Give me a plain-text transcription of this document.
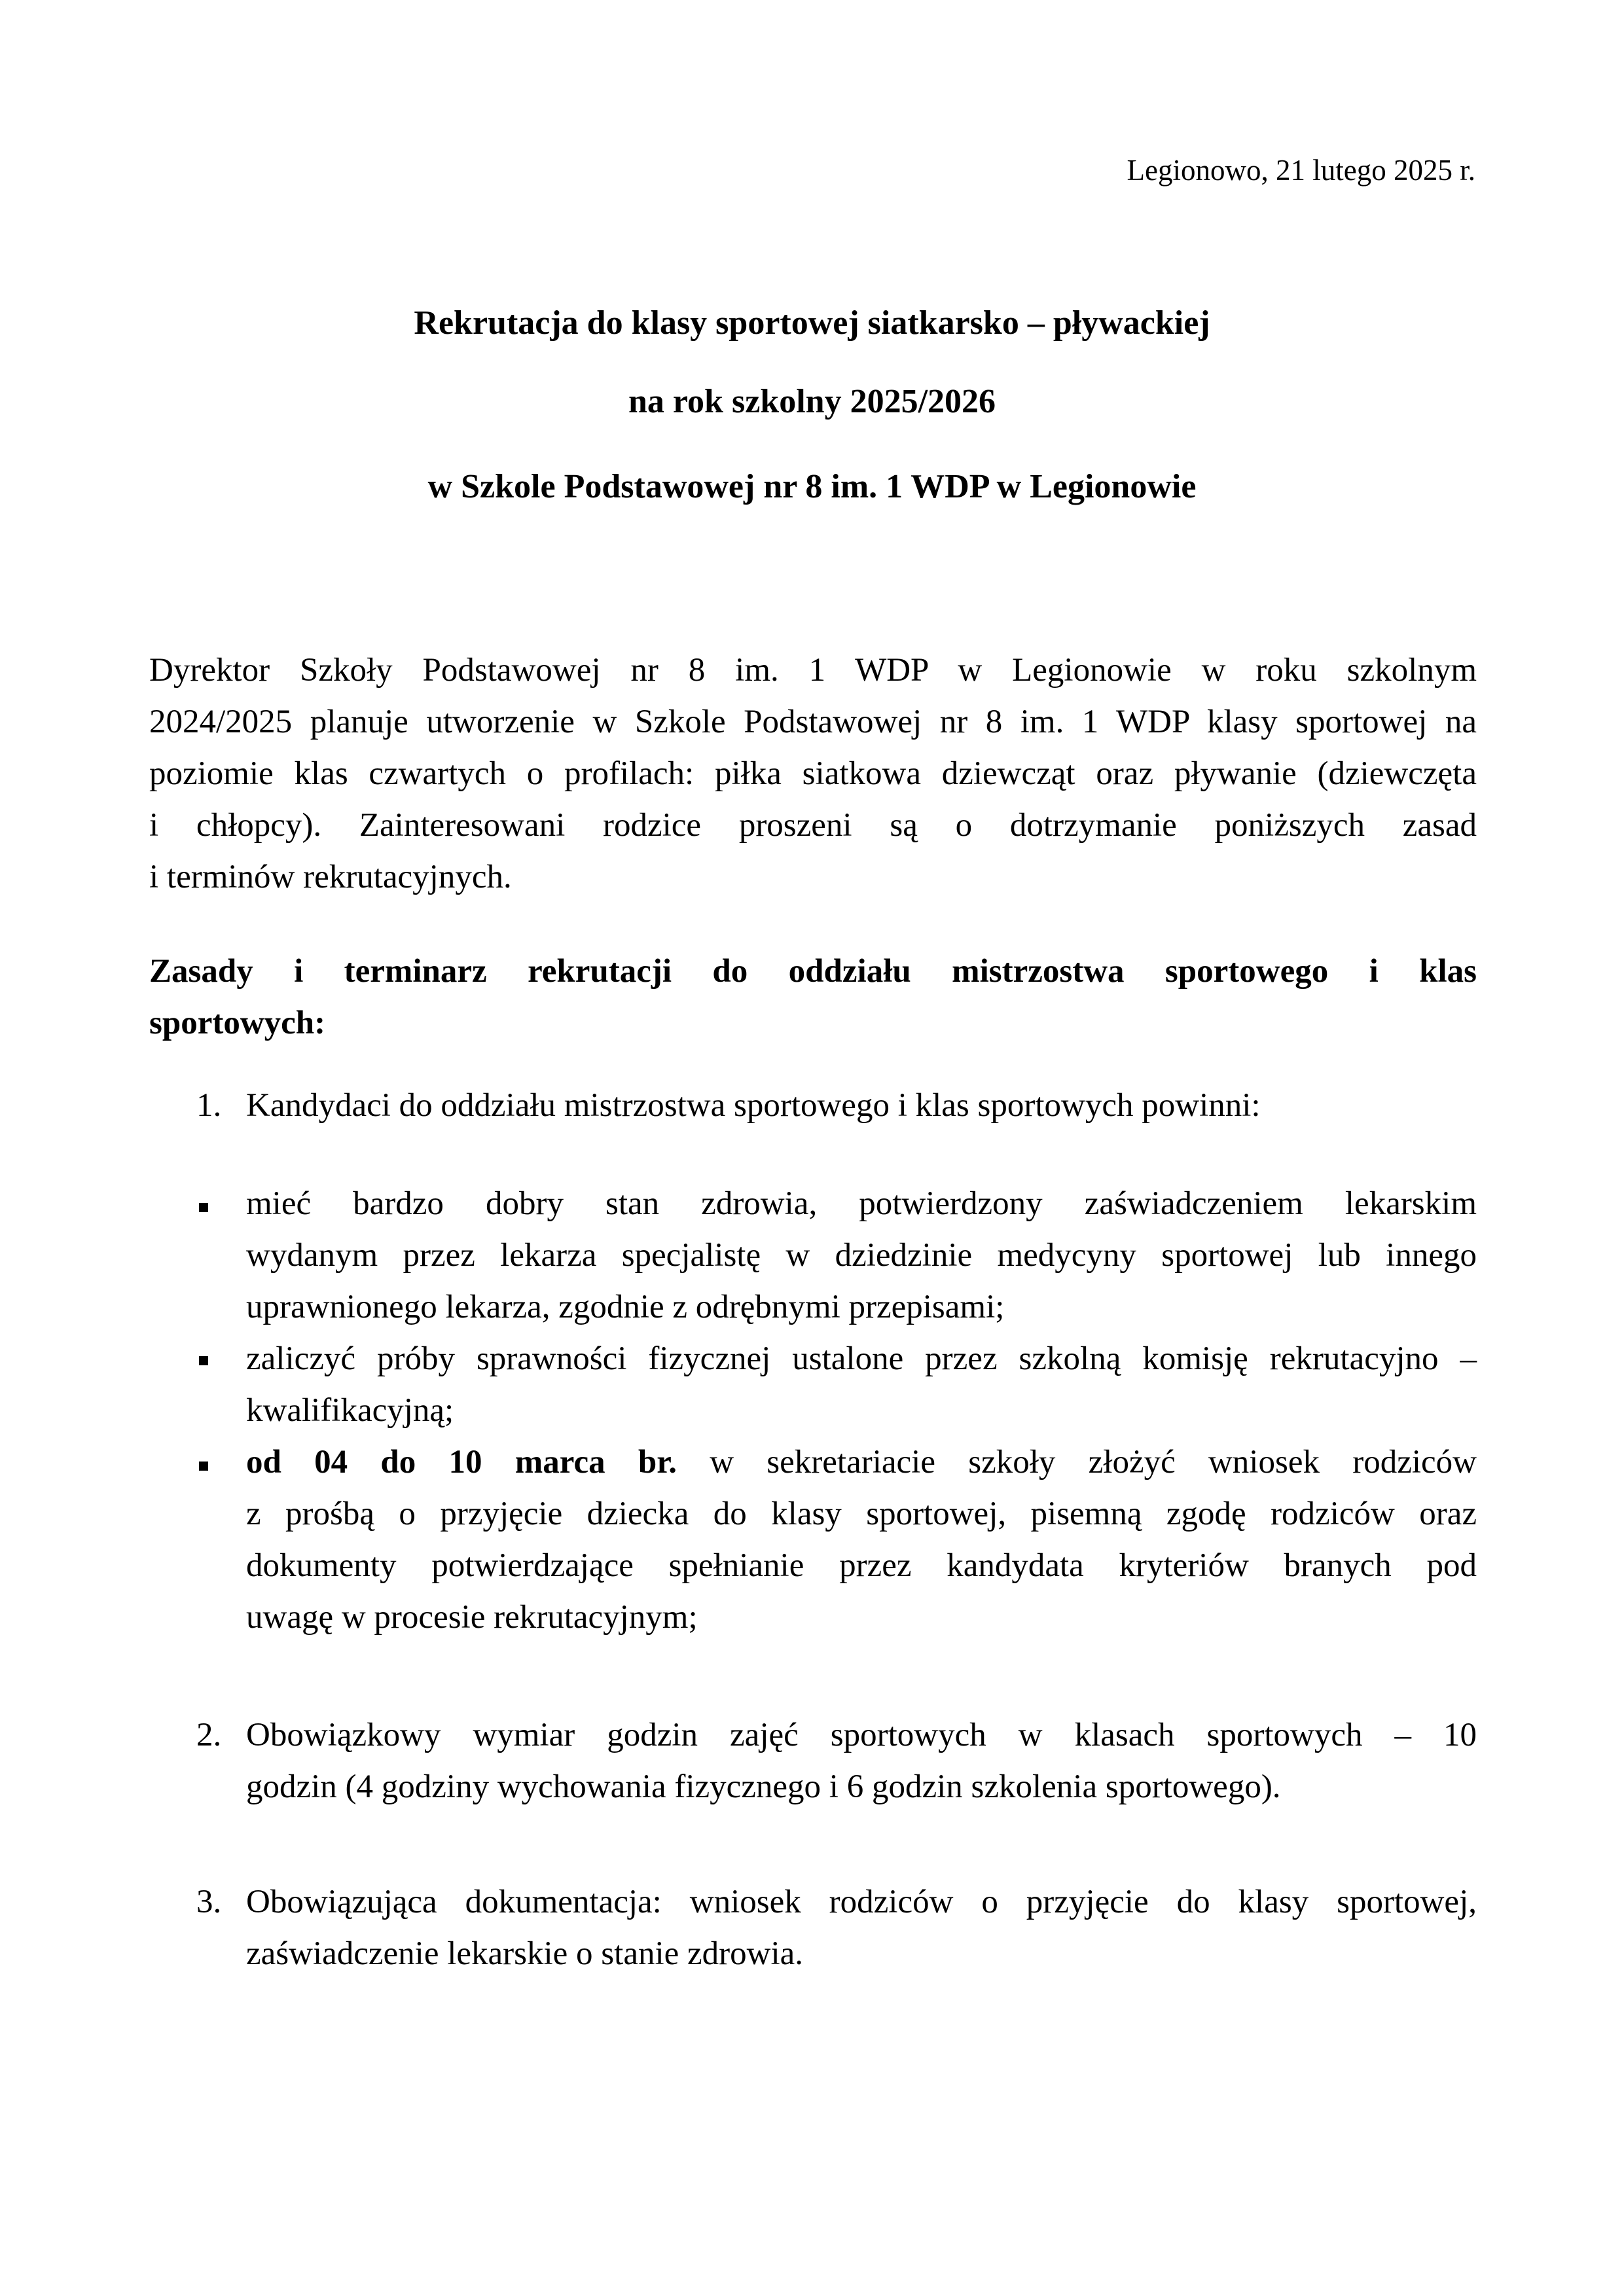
Legionowo, 21 lutego 2025 r.
Rekrutacja do klasy sportowej siatkarsko – pływackiej
na rok szkolny 2025/2026
w Szkole Podstawowej nr 8 im. 1 WDP w Legionowie
Dyrektor Szkoły Podstawowej nr 8 im. 1 WDP w Legionowie w roku szkolnym
2024/2025 planuje utworzenie w Szkole Podstawowej nr 8 im. 1 WDP klasy sportowej na
poziomie klas czwartych o profilach: piłka siatkowa dziewcząt oraz pływanie (dziewczęta
i chłopcy). Zainteresowani rodzice proszeni są o dotrzymanie poniższych zasad
i terminów rekrutacyjnych.
Zasady i terminarz rekrutacji do oddziału mistrzostwa sportowego i klas
sportowych:
1. Kandydaci do oddziału mistrzostwa sportowego i klas sportowych powinni:
mieć bardzo dobry stan zdrowia, potwierdzony zaświadczeniem lekarskim
wydanym przez lekarza specjalistę w dziedzinie medycyny sportowej lub innego
uprawnionego lekarza, zgodnie z odrębnymi przepisami;
zaliczyć próby sprawności fizycznej ustalone przez szkolną komisję rekrutacyjno –
kwalifikacyjną;
od 04 do 10 marca br. w sekretariacie szkoły złożyć wniosek rodziców
z prośbą o przyjęcie dziecka do klasy sportowej, pisemną zgodę rodziców oraz
dokumenty potwierdzające spełnianie przez kandydata kryteriów branych pod
uwagę w procesie rekrutacyjnym;
2. Obowiązkowy wymiar godzin zajęć sportowych w klasach sportowych – 10
godzin (4 godziny wychowania fizycznego i 6 godzin szkolenia sportowego).
3. Obowiązująca dokumentacja: wniosek rodziców o przyjęcie do klasy sportowej,
zaświadczenie lekarskie o stanie zdrowia.
